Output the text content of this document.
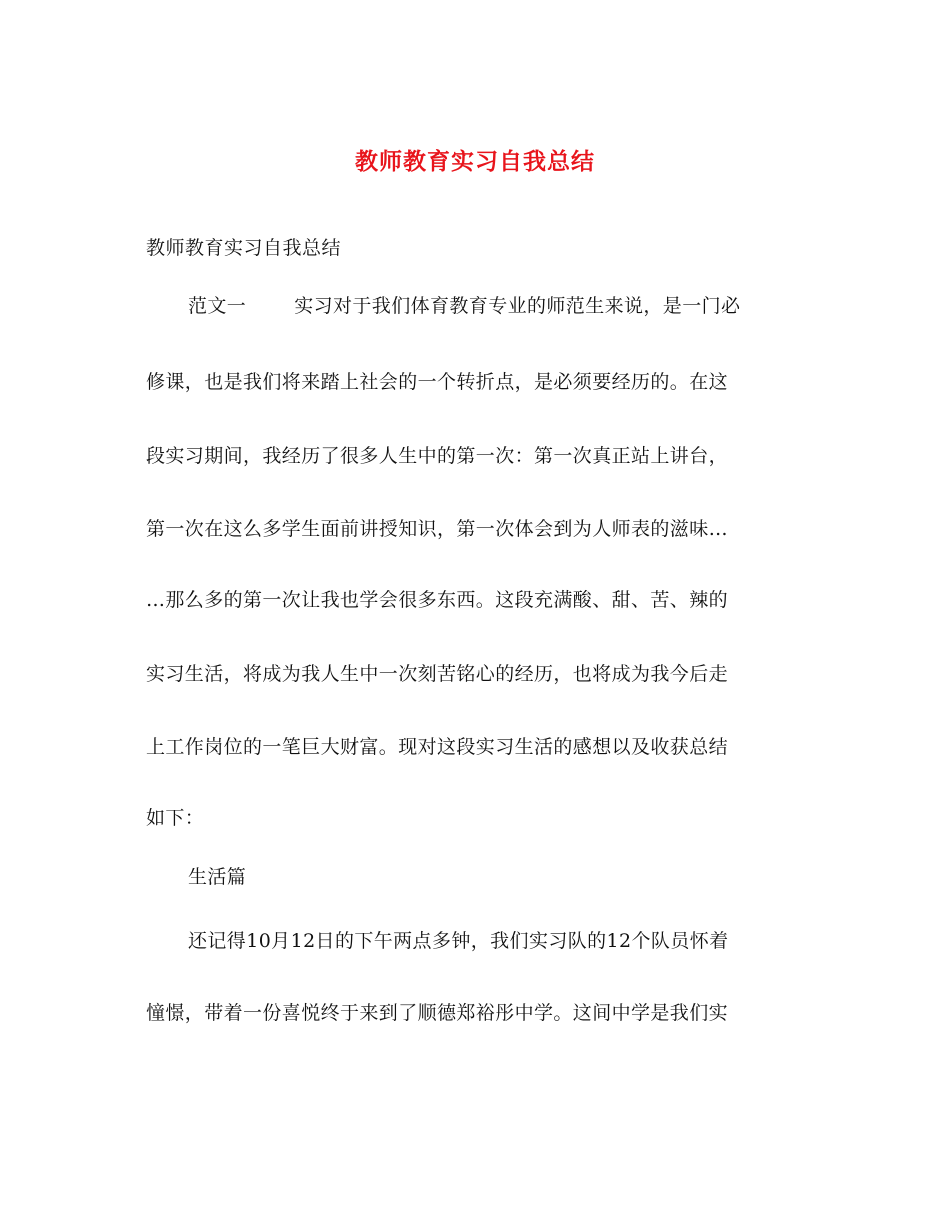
教师教育实习自我总结
教师教育实习自我总结
范文一	实习对于我们体育教育专业的师范生来说，是一门必
修课，也是我们将来踏上社会的一个转折点，是必须要经历的。在这
段实习期间，我经历了很多人生中的第一次：第一次真正站上讲台，
第一次在这么多学生面前讲授知识，第一次体会到为人师表的滋味…
…那么多的第一次让我也学会很多东西。这段充满酸、甜、苦、辣的
实习生活，将成为我人生中一次刻苦铭心的经历，也将成为我今后走
上工作岗位的一笔巨大财富。现对这段实习生活的感想以及收获总结
如下：
生活篇
还记得10月12日的下午两点多钟，我们实习队的12个队员怀着
憧憬，带着一份喜悦终于来到了顺德郑裕彤中学。这间中学是我们实
